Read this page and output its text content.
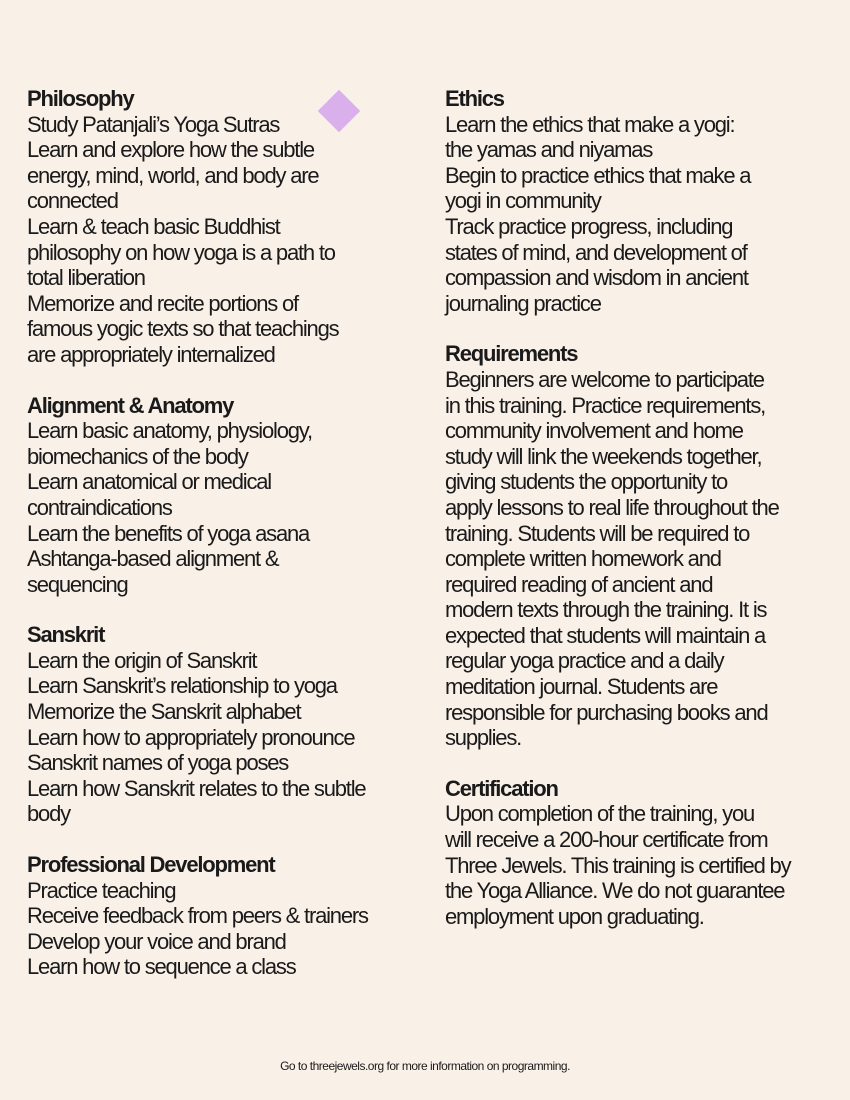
Philosophy
Study Patanjali’s Yoga Sutras
Learn and explore how the subtle
energy, mind, world, and body are
connected
Learn & teach basic Buddhist
philosophy on how yoga is a path to
total liberation
Memorize and recite portions of
famous yogic texts so that teachings
are appropriately internalized
Alignment & Anatomy
Learn basic anatomy, physiology,
biomechanics of the body
Learn anatomical or medical
contraindications
Learn the benefits of yoga asana
Ashtanga-based alignment &
sequencing
Sanskrit
Learn the origin of Sanskrit
Learn Sanskrit’s relationship to yoga
Memorize the Sanskrit alphabet
Learn how to appropriately pronounce
Sanskrit names of yoga poses
Learn how Sanskrit relates to the subtle
body
Professional Development
Practice teaching
Receive feedback from peers & trainers
Develop your voice and brand
Learn how to sequence a class
Ethics
Learn the ethics that make a yogi:
the yamas and niyamas
Begin to practice ethics that make a
yogi in community
Track practice progress, including
states of mind, and development of
compassion and wisdom in ancient
journaling practice
Requirements
Beginners are welcome to participate
in this training. Practice requirements,
community involvement and home
study will link the weekends together,
giving students the opportunity to
apply lessons to real life throughout the
training. Students will be required to
complete written homework and
required reading of ancient and
modern texts through the training. It is
expected that students will maintain a
regular yoga practice and a daily
meditation journal. Students are
responsible for purchasing books and
supplies.
Certification
Upon completion of the training, you
will receive a 200-hour certificate from
Three Jewels. This training is certified by
the Yoga Alliance. We do not guarantee
employment upon graduating.
Go to threejewels.org for more information on programming.
